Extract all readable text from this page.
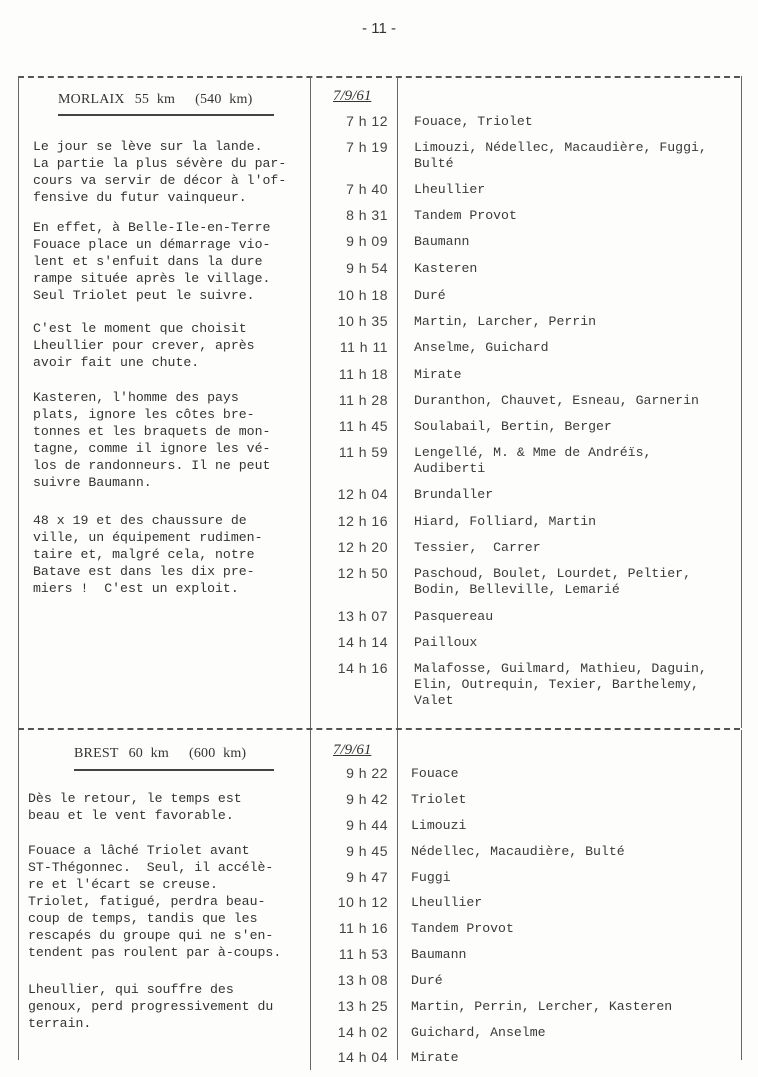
- 11 -
MORLAIX 55 km (540 km)	7/9/61
Le jour se lève sur la lande.
La partie la plus sévère du par-
cours va servir de décor à l'of-
fensive du futur vainqueur.
En effet, à Belle-Ile-en-Terre
Fouace place un démarrage vio-
lent et s'enfuit dans la dure
rampe située après le village.
Seul Triolet peut le suivre.
C'est le moment que choisit
Lheullier pour crever, après
avoir fait une chute.
Kasteren, l'homme des pays
plats, ignore les côtes bre-
tonnes et les braquets de mon-
tagne, comme il ignore les vé-
los de randonneurs. Il ne peut
suivre Baumann.
48 x 19 et des chaussure de
ville, un équipement rudimen-
taire et, malgré cela, notre
Batave est dans les dix pre-
miers !  C'est un exploit.
7 h 12 Fouace, Triolet
7 h 19 Limouzi, Nédellec, Macaudière, Fuggi,
Bulté
7 h 40 Lheullier
8 h 31 Tandem Provot
9 h 09 Baumann
9 h 54 Kasteren
10 h 18 Duré
10 h 35 Martin, Larcher, Perrin
11 h 11 Anselme, Guichard
11 h 18 Mirate
11 h 28 Duranthon, Chauvet, Esneau, Garnerin
11 h 45 Soulabail, Bertin, Berger
11 h 59 Lengellé, M. & Mme de Andréïs,
Audiberti
12 h 04 Brundaller
12 h 16 Hiard, Folliard, Martin
12 h 20 Tessier,  Carrer
12 h 50 Paschoud, Boulet, Lourdet, Peltier,
Bodin, Belleville, Lemarié
13 h 07 Pasquereau
14 h 14 Pailloux
14 h 16 Malafosse, Guilmard, Mathieu, Daguin,
Elin, Outrequin, Texier, Barthelemy,
Valet
BREST 60 km (600 km)	7/9/61
Dès le retour, le temps est
beau et le vent favorable.
Fouace a lâché Triolet avant
ST-Thégonnec.  Seul, il accélè-
re et l'écart se creuse.
Triolet, fatigué, perdra beau-
coup de temps, tandis que les
rescapés du groupe qui ne s'en-
tendent pas roulent par à-coups.
Lheullier, qui souffre des
genoux, perd progressivement du
terrain.
9 h 22 Fouace
9 h 42 Triolet
9 h 44 Limouzi
9 h 45 Nédellec, Macaudière, Bulté
9 h 47 Fuggi
10 h 12 Lheullier
11 h 16 Tandem Provot
11 h 53 Baumann
13 h 08 Duré
13 h 25 Martin, Perrin, Lercher, Kasteren
14 h 02 Guichard, Anselme
14 h 04 Mirate
